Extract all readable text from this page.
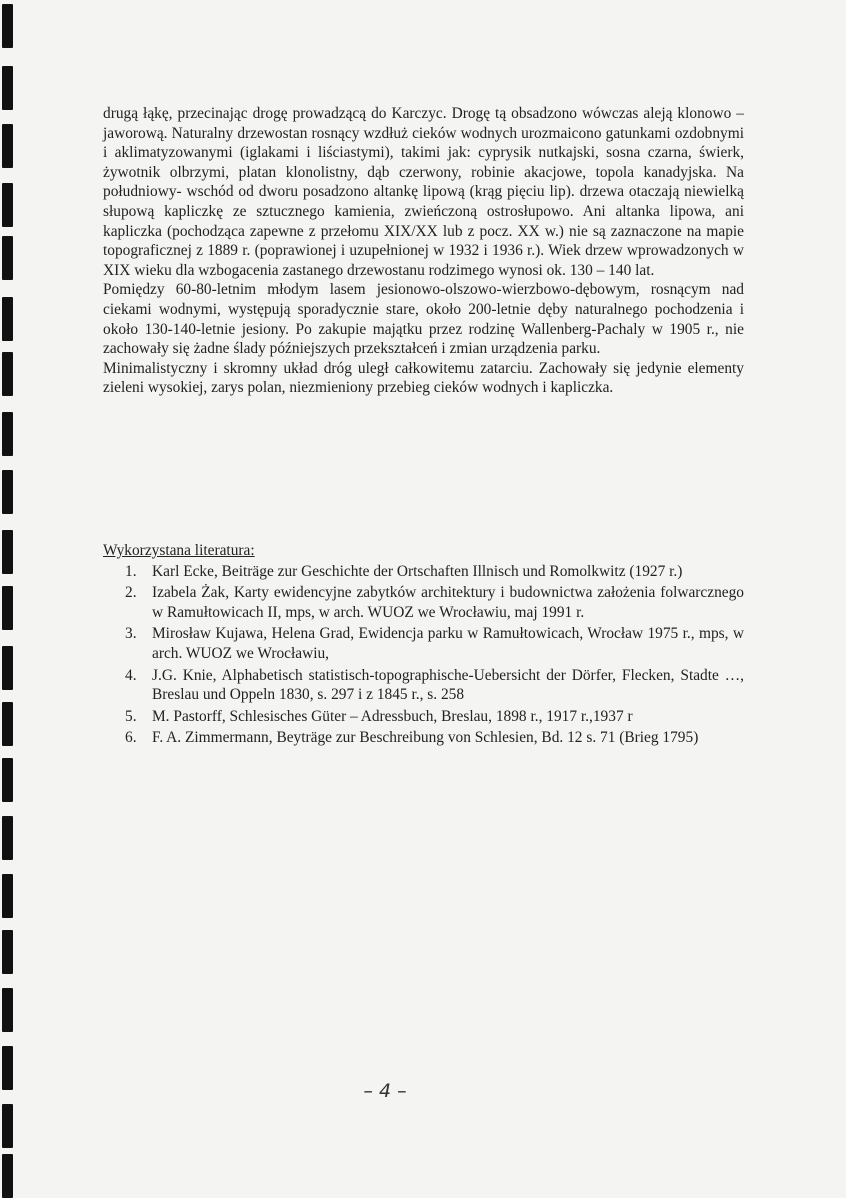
drugą łąkę, przecinając drogę prowadzącą do Karczyc. Drogę tą obsadzono wówczas aleją klonowo – jaworową. Naturalny drzewostan rosnący wzdłuż cieków wodnych urozmaicono gatunkami ozdobnymi i aklimatyzowanymi (iglakami i liściastymi), takimi jak: cyprysik nutkajski, sosna czarna, świerk, żywotnik olbrzymi, platan klonolistny, dąb czerwony, robinie akacjowe, topola kanadyjska. Na południowy- wschód od dworu posadzono altankę lipową (krąg pięciu lip). drzewa otaczają niewielką słupową kapliczkę ze sztucznego kamienia, zwieńczoną ostrosłupowo. Ani altanka lipowa, ani kapliczka (pochodząca zapewne z przełomu XIX/XX lub z pocz. XX w.) nie są zaznaczone na mapie topograficznej z 1889 r. (poprawionej i uzupełnionej w 1932 i 1936 r.). Wiek drzew wprowadzonych w XIX wieku dla wzbogacenia zastanego drzewostanu rodzimego wynosi ok. 130 – 140 lat.

Pomiędzy 60-80-letnim młodym lasem jesionowo-olszowo-wierzbowo-dębowym, rosnącym nad ciekami wodnymi, występują sporadycznie stare, około 200-letnie dęby naturalnego pochodzenia i około 130-140-letnie jesiony. Po zakupie majątku przez rodzinę Wallenberg-Pachaly w 1905 r., nie zachowały się żadne ślady późniejszych przekształceń i zmian urządzenia parku.

Minimalistyczny i skromny układ dróg uległ całkowitemu zatarciu. Zachowały się jedynie elementy zieleni wysokiej, zarys polan, niezmieniony przebieg cieków wodnych i kapliczka.

Wykorzystana literatura:
1. Karl Ecke, Beiträge zur Geschichte der Ortschaften Illnisch und Romolkwitz (1927 r.)
2. Izabela Żak, Karty ewidencyjne zabytków architektury i budownictwa założenia folwarcznego w Ramułtowicach II, mps, w arch. WUOZ we Wrocławiu, maj 1991 r.
3. Mirosław Kujawa, Helena Grad, Ewidencja parku w Ramułtowicach, Wrocław 1975 r., mps, w arch. WUOZ we Wrocławiu,
4. J.G. Knie, Alphabetisch statistisch-topographische-Uebersicht der Dörfer, Flecken, Stadte …, Breslau und Oppeln 1830, s. 297 i z 1845 r., s. 258
5. M. Pastorff, Schlesisches Güter – Adressbuch, Breslau, 1898 r., 1917 r.,1937 r
6. F. A. Zimmermann, Beyträge zur Beschreibung von Schlesien, Bd. 12 s. 71 (Brieg 1795)
– 4 –
